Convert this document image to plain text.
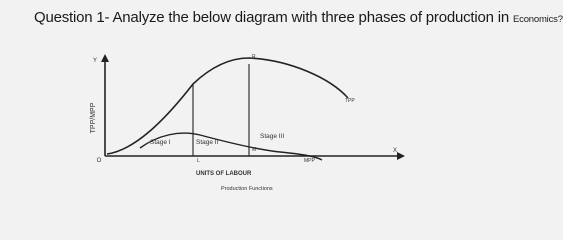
Question 1- Analyze the below diagram with three phases of production in Economics?
TPP/MPP
Y
X
O
R
TPP
MPP
L
M
Stage I	Stage II
Stage III
UNITS OF LABOUR
Production Functions
